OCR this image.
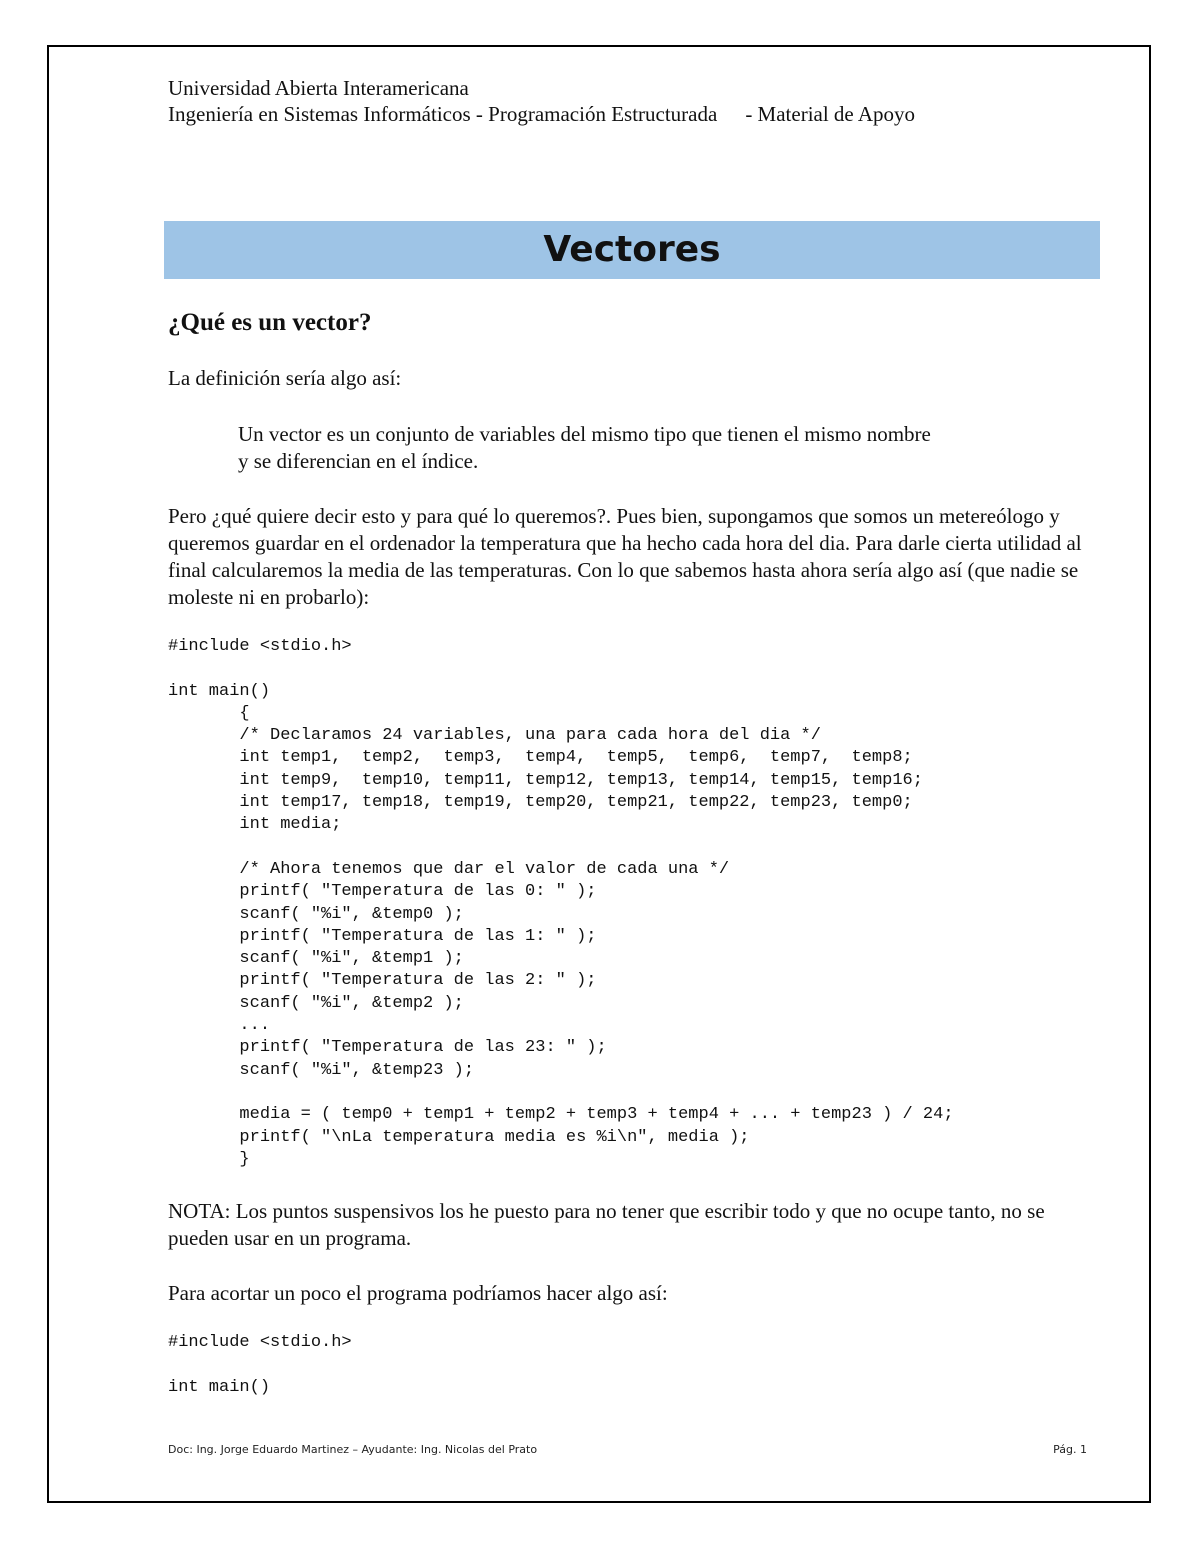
Universidad Abierta Interamericana
Ingeniería en Sistemas Informáticos - Programación Estructurada - Material de Apoyo
Vectores
¿Qué es un vector?
La definición sería algo así:
Un vector es un conjunto de variables del mismo tipo que tienen el mismo nombre
y se diferencian en el índice.
Pero ¿qué quiere decir esto y para qué lo queremos?. Pues bien, supongamos que somos un metereólogo y queremos guardar en el ordenador la temperatura que ha hecho cada hora del dia. Para darle cierta utilidad al final calcularemos la media de las temperaturas. Con lo que sabemos hasta ahora sería algo así (que nadie se moleste ni en probarlo):
#include <stdio.h>

int main()
{
/* Declaramos 24 variables, una para cada hora del dia */
int temp1,  temp2,  temp3,  temp4,  temp5,  temp6,  temp7,  temp8;
int temp9,  temp10, temp11, temp12, temp13, temp14, temp15, temp16;
int temp17, temp18, temp19, temp20, temp21, temp22, temp23, temp0;
int media;

/* Ahora tenemos que dar el valor de cada una */
printf( "Temperatura de las 0: " );
scanf( "%i", &temp0 );
printf( "Temperatura de las 1: " );
scanf( "%i", &temp1 );
printf( "Temperatura de las 2: " );
scanf( "%i", &temp2 );
...
printf( "Temperatura de las 23: " );
scanf( "%i", &temp23 );

media = ( temp0 + temp1 + temp2 + temp3 + temp4 + ... + temp23 ) / 24;
printf( "\nLa temperatura media es %i\n", media );
}
NOTA: Los puntos suspensivos los he puesto para no tener que escribir todo y que no ocupe tanto, no se pueden usar en un programa.
Para acortar un poco el programa podríamos hacer algo así:
#include <stdio.h>
int main()
Doc: Ing. Jorge Eduardo Martinez – Ayudante: Ing. Nicolas del Prato	Pág. 1
